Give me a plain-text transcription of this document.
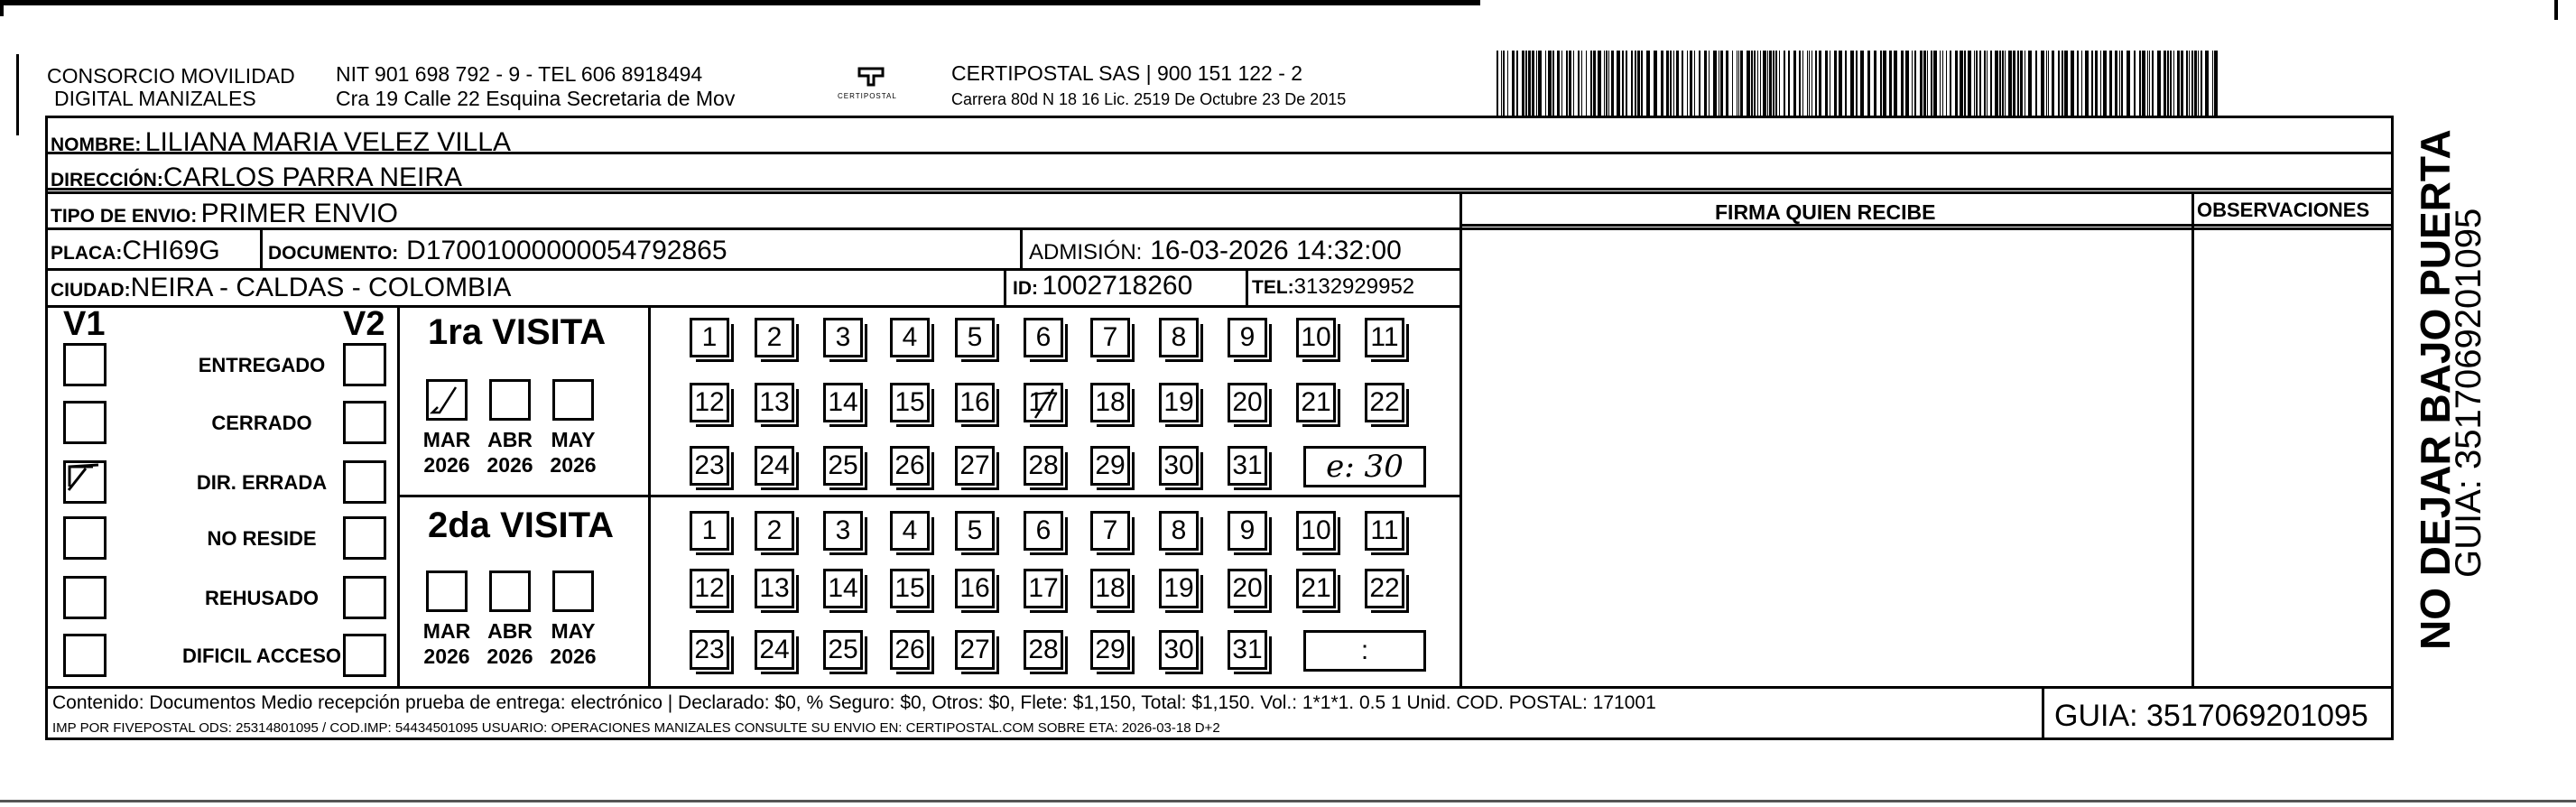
CONSORCIO MOVILIDAD
DIGITAL MANIZALES
NIT 901 698 792 - 9 - TEL 606 8918494
Cra 19 Calle 22 Esquina Secretaria de Mov	CERTIPOSTAL
CERTIPOSTAL SAS | 900 151 122 - 2
Carrera 80d N 18 16 Lic. 2519 De Octubre 23 De 2015
NOMBRE: LILIANA MARIA VELEZ VILLA
DIRECCIÓN:CARLOS PARRA NEIRA
TIPO DE ENVIO: PRIMER ENVIO	FIRMA QUIEN RECIBE	OBSERVACIONES
PLACA:CHI69G	DOCUMENTO: D17001000000054792865	ADMISIÓN: 16-03-2026 14:32:00
CIUDAD:NEIRA - CALDAS - COLOMBIA	ID: 1002718260	TEL:3132929952
V1	V2
ENTREGADO
CERRADO
DIR. ERRADA
NO RESIDE
REHUSADO
DIFICIL ACCESO
1ra VISITA
2da VISITA
MAR
2026
ABR
2026
MAY
2026
MAR
2026
ABR
2026
MAY
2026
1 2 3 4 5 6 7 8 9 10 11
12 13 14 15 16 17 18 19 20 21 22
23 24 25 26 27 28 29 30 31 e: 30
1 2 3 4 5 6 7 8 9 10 11
12 13 14 15 16 17 18 19 20 21 22
23 24 25 26 27 28 29 30 31	:
Contenido: Documentos Medio recepción prueba de entrega: electrónico | Declarado: $0, % Seguro: $0, Otros: $0, Flete: $1,150, Total: $1,150. Vol.: 1*1*1. 0.5 1 Unid. COD. POSTAL: 171001
IMP POR FIVEPOSTAL ODS: 25314801095 / COD.IMP: 54434501095 USUARIO: OPERACIONES MANIZALES CONSULTE SU ENVIO EN: CERTIPOSTAL.COM SOBRE ETA: 2026-03-18 D+2	GUIA: 3517069201095
NO DEJAR BAJO PUERTA
GUIA: 3517069201095
